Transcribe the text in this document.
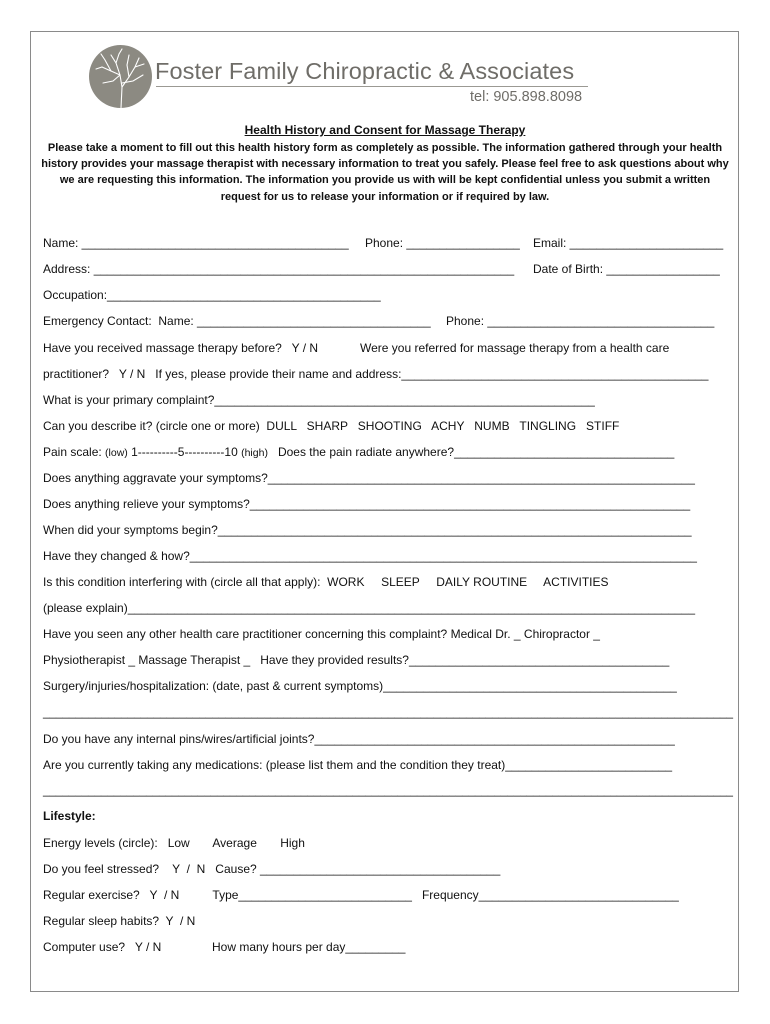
Foster Family Chiropractic & Associates
tel: 905.898.8098
Health History and Consent for Massage Therapy
Please take a moment to fill out this health history form as completely as possible. The information gathered through your health history provides your massage therapist with necessary information to treat you safely. Please feel free to ask questions about why we are requesting this information. The information you provide us with will be kept confidential unless you submit a written request for us to release your information or if required by law.
Name: ________________________________________ Phone: _________________ Email: _______________________
Address: _______________________________________________________________ Date of Birth: _________________
Occupation:_________________________________________
Emergency Contact:  Name: ___________________________________ Phone: __________________________________
Have you received massage therapy before?   Y / N	Were you referred for massage therapy from a health care
practitioner?   Y / N   If yes, please provide their name and address:______________________________________________
What is your primary complaint?_________________________________________________________
Can you describe it? (circle one or more)  DULL   SHARP   SHOOTING   ACHY   NUMB   TINGLING   STIFF
Pain scale: (low) 1----------5----------10 (high)   Does the pain radiate anywhere?_________________________________
Does anything aggravate your symptoms?________________________________________________________________
Does anything relieve your symptoms?__________________________________________________________________
When did your symptoms begin?_______________________________________________________________________
Have they changed & how?____________________________________________________________________________
Is this condition interfering with (circle all that apply):  WORK     SLEEP     DAILY ROUTINE     ACTIVITIES
(please explain)_____________________________________________________________________________________
Have you seen any other health care practitioner concerning this complaint? Medical Dr. _ Chiropractor _
Physiotherapist _ Massage Therapist _   Have they provided results?_______________________________________
Surgery/injuries/hospitalization: (date, past & current symptoms)____________________________________________
__________________________________________________________________________________________________________
Do you have any internal pins/wires/artificial joints?______________________________________________________
Are you currently taking any medications: (please list them and the condition they treat)_________________________
___________________________________________________________________________________________________________
Lifestyle:
Energy levels (circle):   Low       Average       High
Do you feel stressed?    Y  /  N   Cause? ____________________________________
Regular exercise?   Y  / N          Type__________________________   Frequency______________________________
Regular sleep habits?  Y  / N
Computer use?   Y / N	How many hours per day_________
